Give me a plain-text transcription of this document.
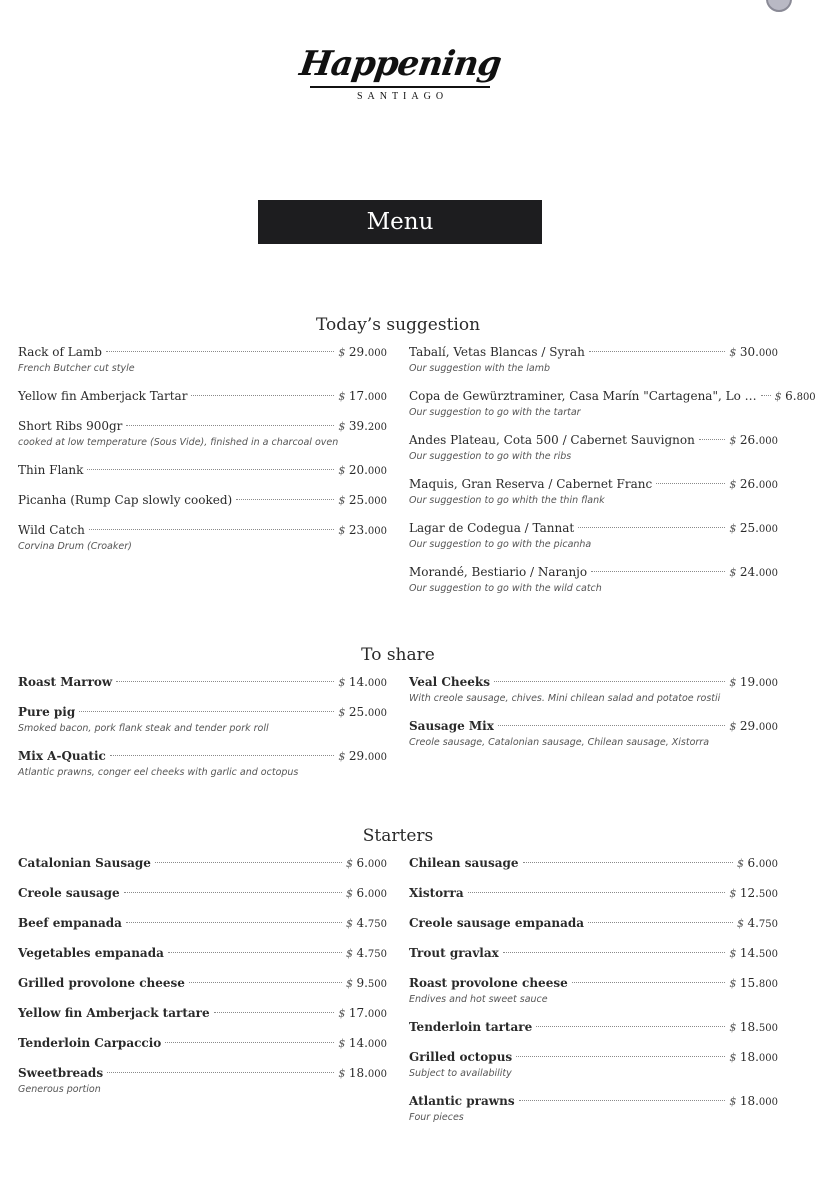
Happening
SANTIAGO
Menu
Today’s suggestion
Rack of Lamb	$ 29.000
French Butcher cut style
Yellow fin Amberjack Tartar	$ 17.000
Short Ribs 900gr	$ 39.200
cooked at low temperature (Sous Vide), finished in a charcoal oven
Thin Flank	$ 20.000
Picanha (Rump Cap slowly cooked)	$ 25.000
Wild Catch	$ 23.000
Corvina Drum (Croaker)
Tabalí, Vetas Blancas / Syrah	$ 30.000
Our suggestion with the lamb
Copa de Gewürztraminer, Casa Marín "Cartagena", Lo … $ 6.800
Our suggestion to go with the tartar
Andes Plateau, Cota 500 / Cabernet Sauvignon	$ 26.000
Our suggestion to go with the ribs
Maquis, Gran Reserva / Cabernet Franc	$ 26.000
Our suggestion to go whith the thin flank
Lagar de Codegua / Tannat	$ 25.000
Our suggestion to go with the picanha
Morandé, Bestiario / Naranjo	$ 24.000
Our suggestion to go with the wild catch
To share
Roast Marrow	$ 14.000
Pure pig	$ 25.000
Smoked bacon, pork flank steak and tender pork roll
Mix A-Quatic	$ 29.000
Atlantic prawns, conger eel cheeks with garlic and octopus
Veal Cheeks	$ 19.000
With creole sausage, chives. Mini chilean salad and potatoe rostii
Sausage Mix	$ 29.000
Creole sausage, Catalonian sausage, Chilean sausage, Xistorra
Starters
Catalonian Sausage	$ 6.000
Creole sausage	$ 6.000
Beef empanada	$ 4.750
Vegetables empanada	$ 4.750
Grilled provolone cheese	$ 9.500
Yellow fin Amberjack tartare	$ 17.000
Tenderloin Carpaccio	$ 14.000
Sweetbreads	$ 18.000
Generous portion
Chilean sausage	$ 6.000
Xistorra	$ 12.500
Creole sausage empanada	$ 4.750
Trout gravlax	$ 14.500
Roast provolone cheese	$ 15.800
Endives and hot sweet sauce
Tenderloin tartare	$ 18.500
Grilled octopus	$ 18.000
Subject to availability
Atlantic prawns	$ 18.000
Four pieces
